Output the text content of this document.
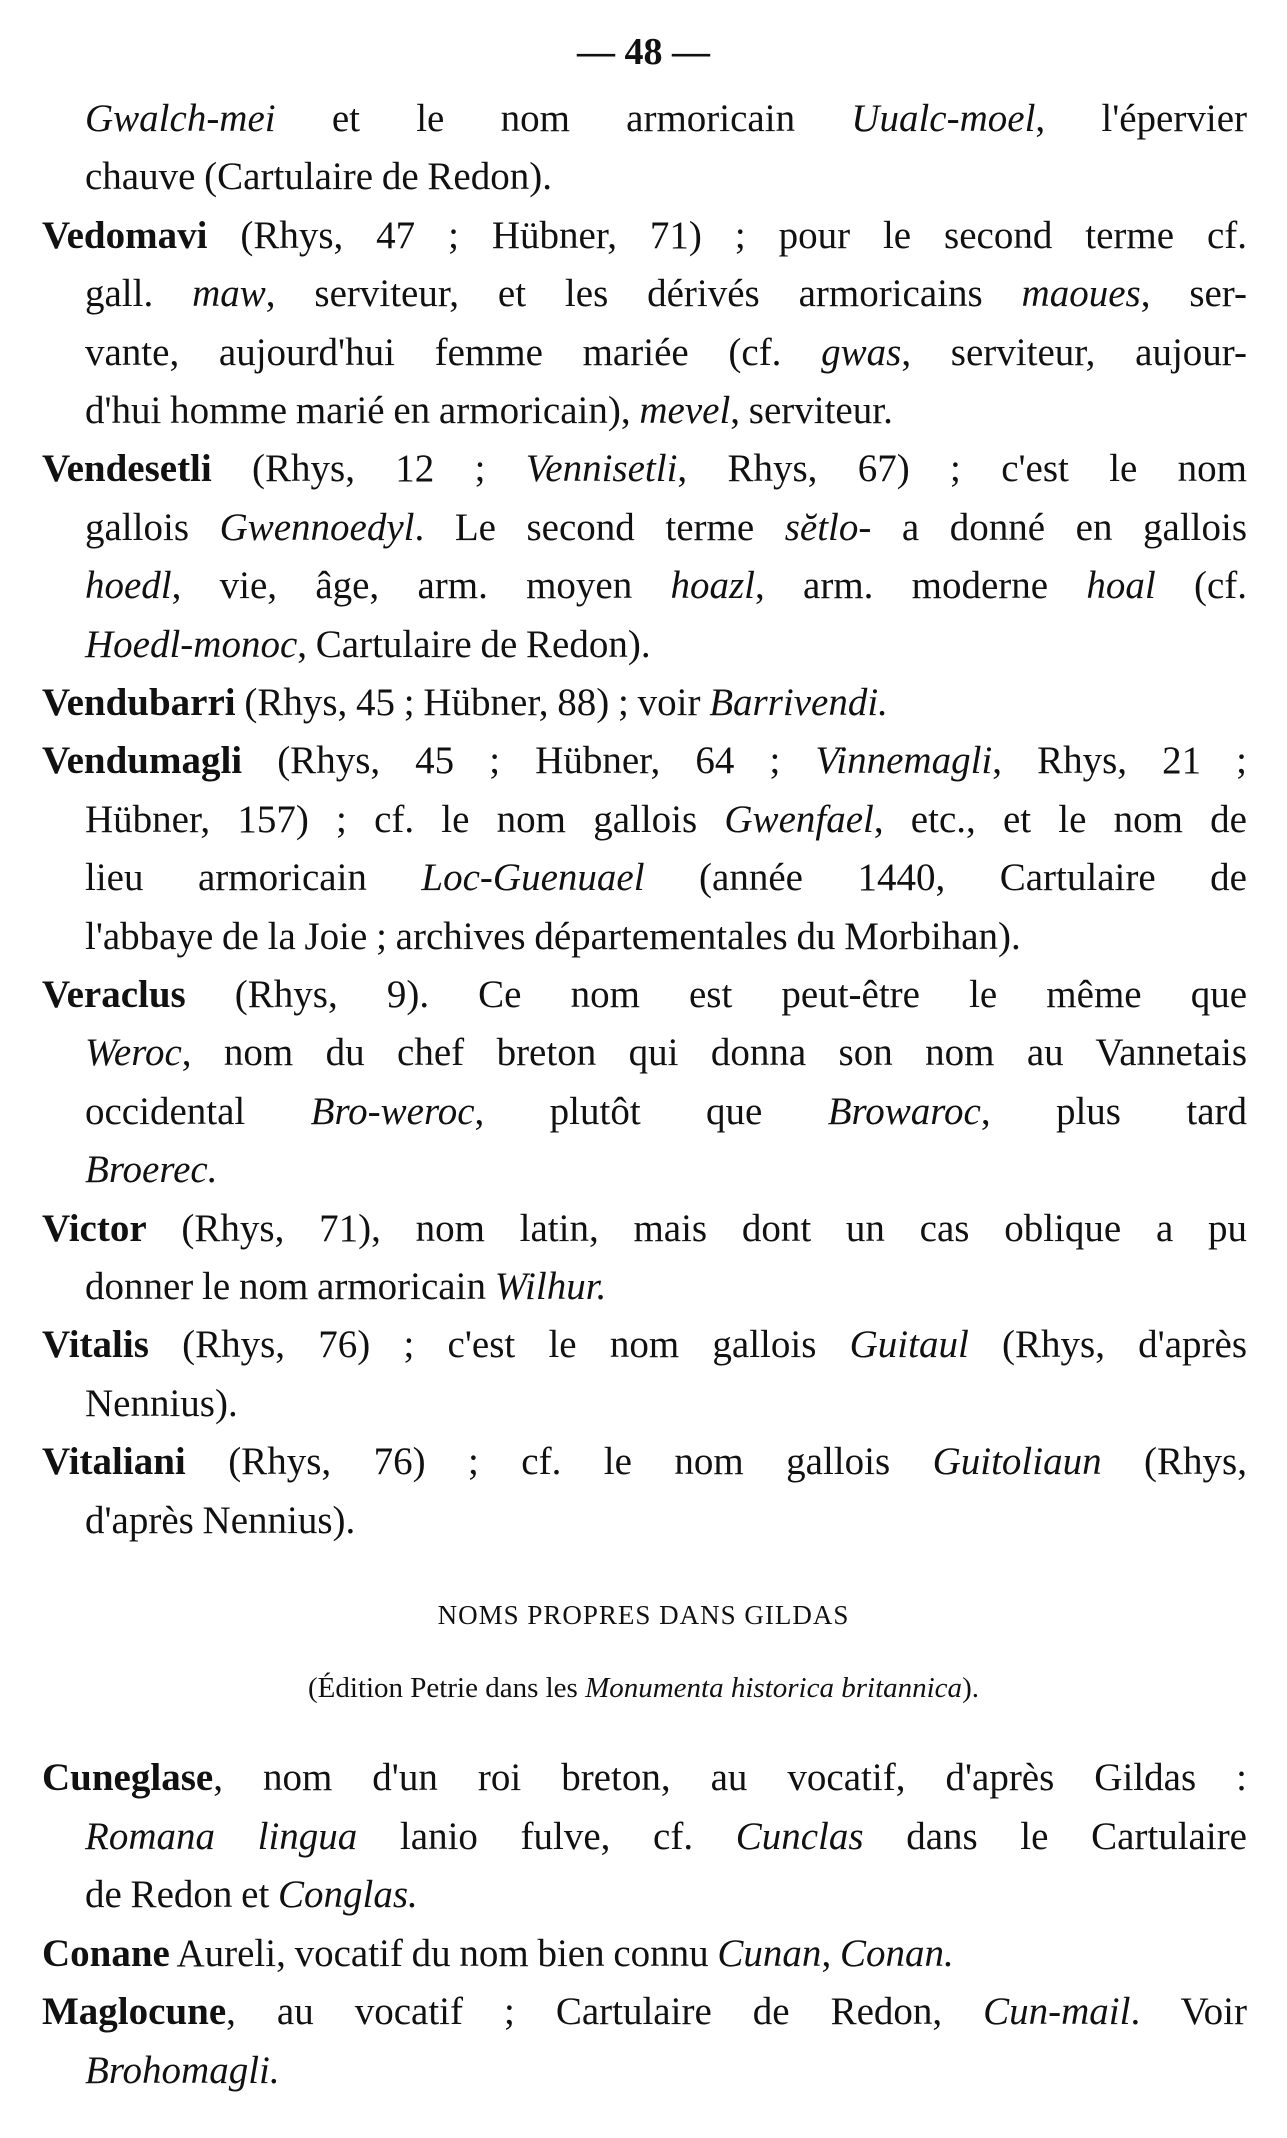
— 48 —
Gwalch-mei et le nom armoricain Uualc-moel, l'épervier
chauve (Cartulaire de Redon).
Vedomavi (Rhys, 47 ; Hübner, 71) ; pour le second terme cf.
gall. maw, serviteur, et les dérivés armoricains maoues, ser-
vante, aujourd'hui femme mariée (cf. gwas, serviteur, aujour-
d'hui homme marié en armoricain), mevel, serviteur.
Vendesetli (Rhys, 12 ; Vennisetli, Rhys, 67) ; c'est le nom
gallois Gwennoedyl. Le second terme sĕtlo- a donné en gallois
hoedl, vie, âge, arm. moyen hoazl, arm. moderne hoal (cf.
Hoedl-monoc, Cartulaire de Redon).
Vendubarri (Rhys, 45 ; Hübner, 88) ; voir Barrivendi.
Vendumagli (Rhys, 45 ; Hübner, 64 ; Vinnemagli, Rhys, 21 ;
Hübner, 157) ; cf. le nom gallois Gwenfael, etc., et le nom de
lieu armoricain Loc-Guenuael (année 1440, Cartulaire de
l'abbaye de la Joie ; archives départementales du Morbihan).
Veraclus (Rhys, 9). Ce nom est peut-être le même que
Weroc, nom du chef breton qui donna son nom au Vannetais
occidental Bro-weroc, plutôt que Browaroc, plus tard
Broerec.
Victor (Rhys, 71), nom latin, mais dont un cas oblique a pu
donner le nom armoricain Wilhur.
Vitalis (Rhys, 76) ; c'est le nom gallois Guitaul (Rhys, d'après
Nennius).
Vitaliani (Rhys, 76) ; cf. le nom gallois Guitoliaun (Rhys,
d'après Nennius).
NOMS PROPRES DANS GILDAS
(Édition Petrie dans les Monumenta historica britannica).
Cuneglase, nom d'un roi breton, au vocatif, d'après Gildas :
Romana lingua lanio fulve, cf. Cunclas dans le Cartulaire
de Redon et Conglas.
Conane Aureli, vocatif du nom bien connu Cunan, Conan.
Maglocune, au vocatif ; Cartulaire de Redon, Cun-mail. Voir
Brohomagli.
